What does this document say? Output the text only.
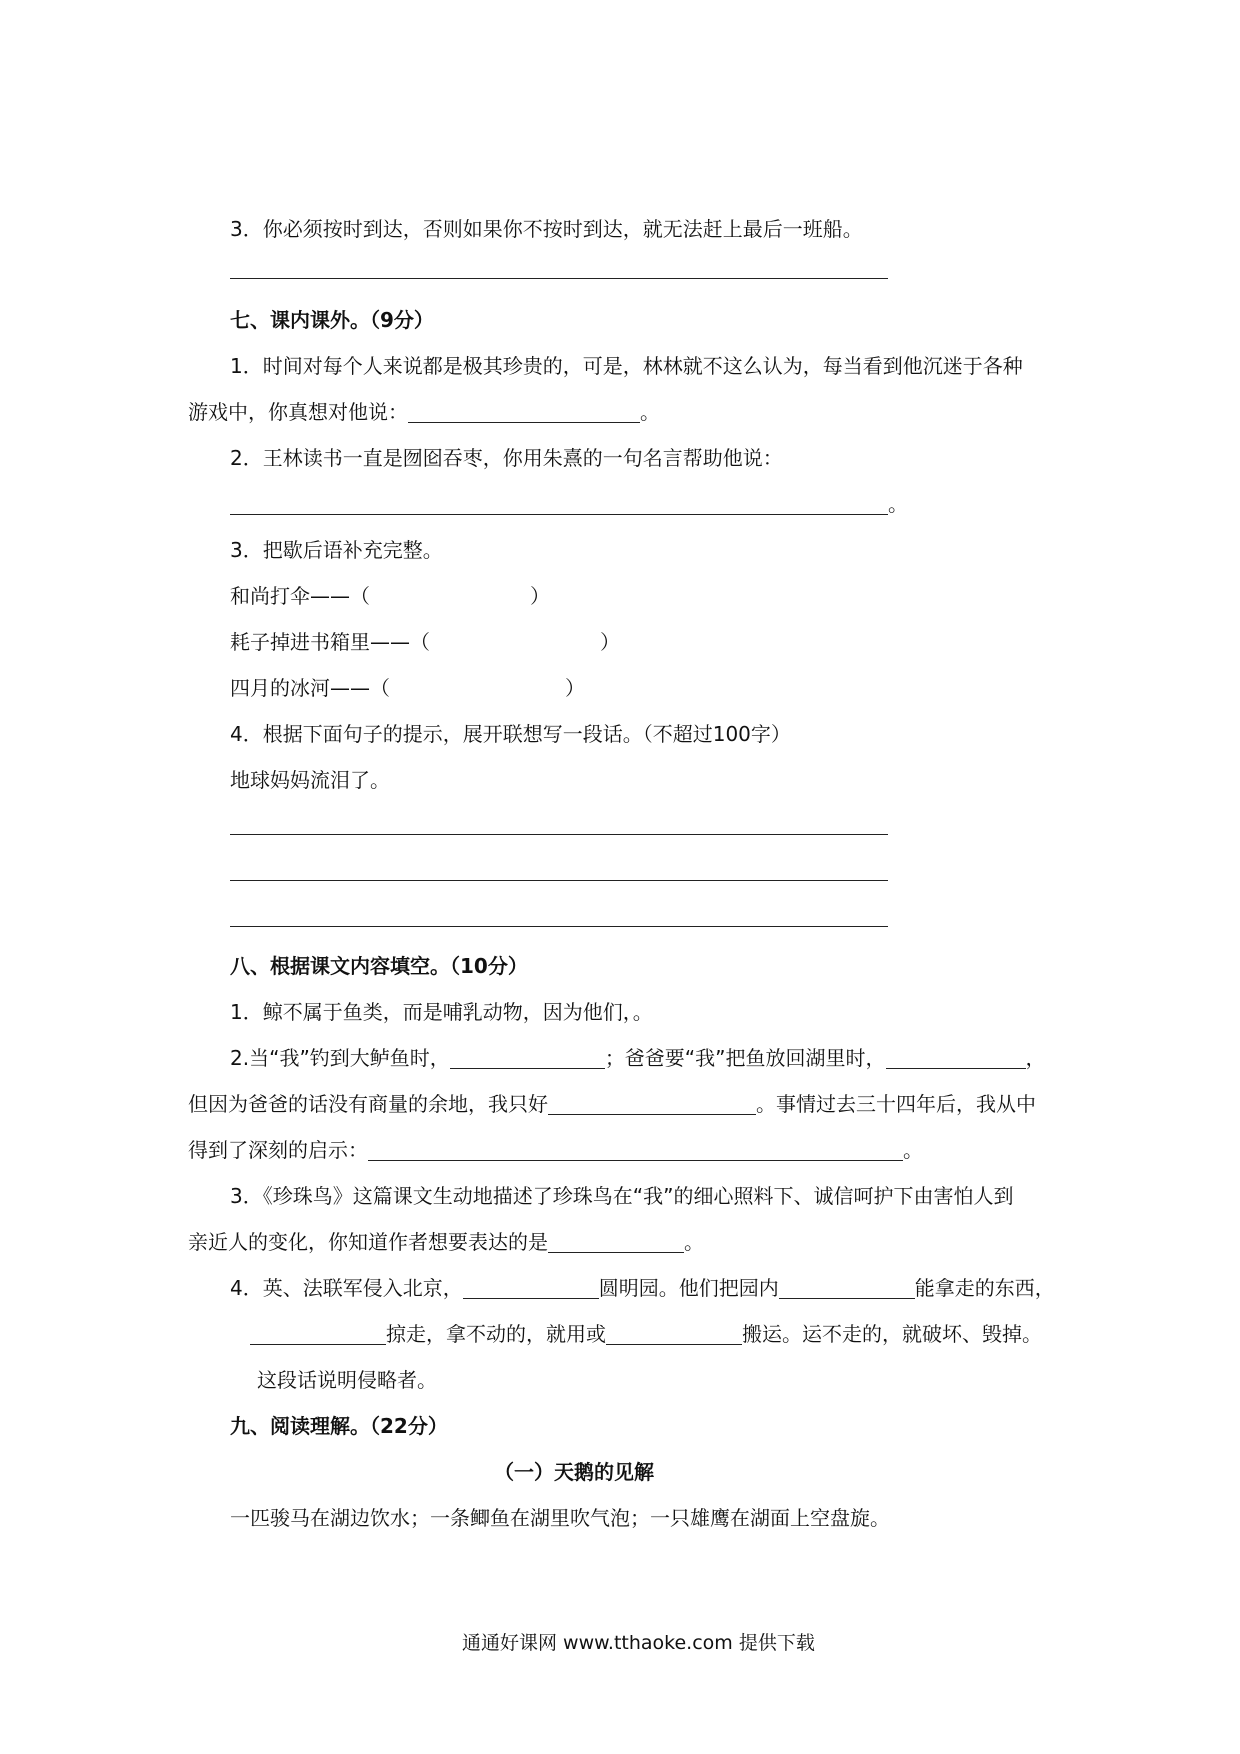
3．你必须按时到达，否则如果你不按时到达，就无法赶上最后一班船。
七、课内课外。（9分）
1．时间对每个人来说都是极其珍贵的，可是，林林就不这么认为，每当看到他沉迷于各种
游戏中，你真想对他说：	。
2．王林读书一直是囫囵吞枣，你用朱熹的一句名言帮助他说：
。
3．把歇后语补充完整。
和尚打伞——（	）
耗子掉进书箱里——（	）
四月的冰河——（	）
4．根据下面句子的提示，展开联想写一段话。（不超过100字）
地球妈妈流泪了。
八、根据课文内容填空。（10分）
1．鲸不属于鱼类，而是哺乳动物，因为他们，。
2.当“我”钓到大鲈鱼时，	；爸爸要“我”把鱼放回湖里时，	，
但因为爸爸的话没有商量的余地，我只好	。事情过去三十四年后，我从中
得到了深刻的启示：	。
3．《珍珠鸟》这篇课文生动地描述了珍珠鸟在“我”的细心照料下、诚信呵护下由害怕人到
亲近人的变化，你知道作者想要表达的是	。
4．英、法联军侵入北京，	圆明园。他们把园内	能拿走的东西，
掠走，拿不动的，就用或	搬运。运不走的，就破坏、毁掉。
这段话说明侵略者。
九、阅读理解。（22分）
（一）天鹅的见解
一匹骏马在湖边饮水；一条鲫鱼在湖里吹气泡；一只雄鹰在湖面上空盘旋。
通通好课网 www.tthaoke.com 提供下载
